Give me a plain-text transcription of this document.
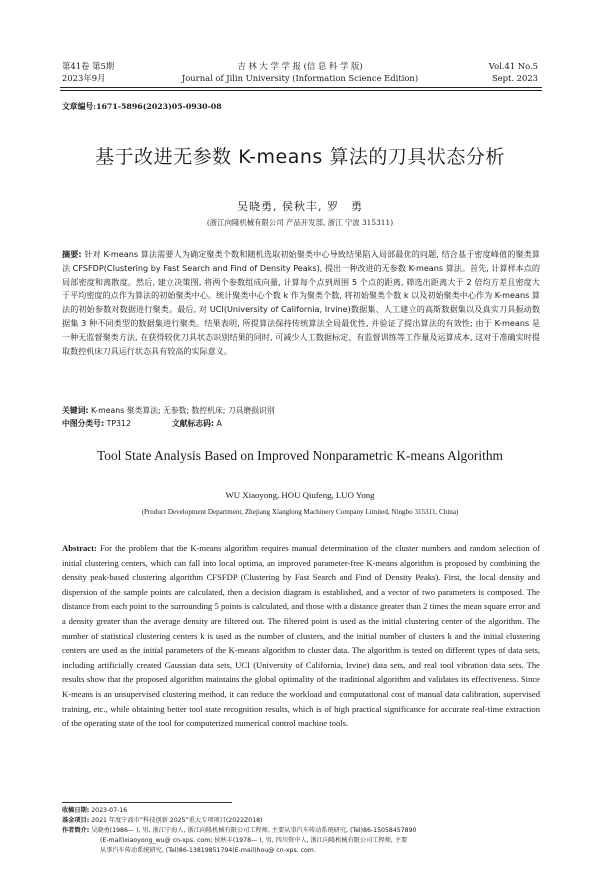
第41卷 第5期
2023年9月
吉 林 大 学 学 报 (信 息 科 学 版)
Journal of Jilin University (Information Science Edition)
Vol.41 No.5
Sept. 2023
文章编号:1671-5896(2023)05-0930-08
基于改进无参数 K-means 算法的刀具状态分析
吴晓勇, 侯秋丰, 罗　勇
(浙江向隆机械有限公司 产品开发部, 浙江 宁波 315311)
摘要: 针对 K-means 算法需要人为确定聚类个数和随机选取初始聚类中心导致结果陷入局部最优的问题, 结合基于密度峰值的聚类算法 CFSFDP(Clustering by Fast Search and Find of Density Peaks), 提出一种改进的无参数 K-means 算法。首先, 计算样本点的局部密度和离散度。然后, 建立决策图, 将两个参数组成向量, 计算每个点到周围 5 个点的距离, 筛选出距离大于 2 倍均方差且密度大于平均密度的点作为算法的初始聚类中心。统计聚类中心个数 k 作为聚类个数, 将初始聚类个数 k 以及初始聚类中心作为 K-means 算法的初始参数对数据进行聚类。最后, 对 UCI(University of California, Irvine)数据集、人工建立的高斯数据集以及真实刀具振动数据集 3 种不同类型的数据集进行聚类。结果表明, 所提算法保持传统算法全局最优性, 并验证了提出算法的有效性; 由于 K-means 是一种无监督聚类方法, 在获得较优刀具状态识别结果的同时, 可减少人工数据标定、有监督训练等工作量及运算成本, 这对于准确实时提取数控机床刀具运行状态具有较高的实际意义。
关键词: K-means 聚类算法; 无参数; 数控机床; 刀具磨损识别
中图分类号: TP312	文献标志码: A
Tool State Analysis Based on Improved Nonparametric K-means Algorithm
WU Xiaoyong, HOU Qiufeng, LUO Yong
(Product Development Department, Zhejiang Xianglong Machinery Company Limited, Ningbo 315311, China)
Abstract: For the problem that the K-means algorithm requires manual determination of the cluster numbers and random selection of initial clustering centers, which can fall into local optima, an improved parameter-free K-means algorithm is proposed by combining the density peak-based clustering algorithm CFSFDP (Clustering by Fast Search and Find of Density Peaks). First, the local density and dispersion of the sample points are calculated, then a decision diagram is established, and a vector of two parameters is composed. The distance from each point to the surrounding 5 points is calculated, and those with a distance greater than 2 times the mean square error and a density greater than the average density are filtered out. The filtered point is used as the initial clustering center of the algorithm. The number of statistical clustering centers k is used as the number of clusters, and the initial number of clusters k and the initial clustering centers are used as the initial parameters of the K-means algorithm to cluster data. The algorithm is tested on different types of data sets, including artificially created Gaussian data sets, UCI (University of California, Irvine) data sets, and real tool vibration data sets. The results show that the proposed algorithm maintains the global optimality of the traditional algorithm and validates its effectiveness. Since K-means is an unsupervised clustering method, it can reduce the workload and computational cost of manual data calibration, supervised training, etc., while obtaining better tool state recognition results, which is of high practical significance for accurate real-time extraction of the operating state of the tool for computerized numerical control machine tools.
收稿日期: 2023-07-16
基金项目: 2021 年度宁波市“科技创新 2025”重大专项项目(2022Z018)
作者简介: 吴晓勇(1986— ), 男, 浙江宁海人, 浙江向隆机械有限公司工程师, 主要从事汽车传动系统研究, (Tel)86-15058457890
(E-mail)xiaoyong_wu@ cn-xps. com; 侯秋丰(1978— ), 男, 四川资中人, 浙江向隆机械有限公司工程师, 主要
从事汽车传动系统研究, (Tel)86-13819851794(E-mail)hou@ cn-xps. com.
